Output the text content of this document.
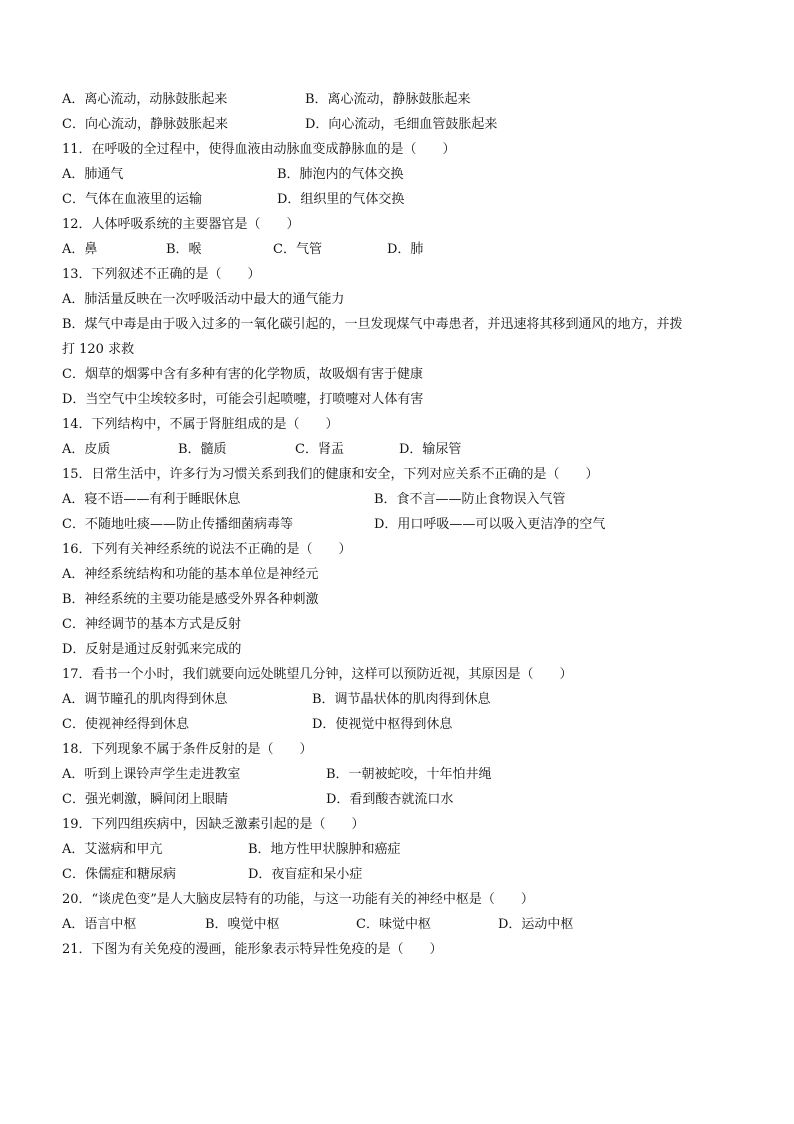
A．离心流动，动脉鼓胀起来	B．离心流动，静脉鼓胀起来
C．向心流动，静脉鼓胀起来	D．向心流动，毛细血管鼓胀起来
11．在呼吸的全过程中，使得血液由动脉血变成静脉血的是（　　）
A．肺通气	B．肺泡内的气体交换
C．气体在血液里的运输	D．组织里的气体交换
12．人体呼吸系统的主要器官是（　　）
A．鼻	B．喉	C．气管	D．肺
13．下列叙述不正确的是（　　）
A．肺活量反映在一次呼吸活动中最大的通气能力
B．煤气中毒是由于吸入过多的一氧化碳引起的，一旦发现煤气中毒患者，并迅速将其移到通风的地方，并拨
打 120 求救
C．烟草的烟雾中含有多种有害的化学物质，故吸烟有害于健康
D．当空气中尘埃较多时，可能会引起喷嚏，打喷嚏对人体有害
14．下列结构中，不属于肾脏组成的是（　　）
A．皮质	B．髓质	C．肾盂	D．输尿管
15．日常生活中，许多行为习惯关系到我们的健康和安全，下列对应关系不正确的是（　　）
A．寝不语——有利于睡眠休息	B．食不言——防止食物误入气管
C．不随地吐痰——防止传播细菌病毒等	D．用口呼吸——可以吸入更洁净的空气
16．下列有关神经系统的说法不正确的是（　　）
A．神经系统结构和功能的基本单位是神经元
B．神经系统的主要功能是感受外界各种刺激
C．神经调节的基本方式是反射
D．反射是通过反射弧来完成的
17．看书一个小时，我们就要向远处眺望几分钟，这样可以预防近视，其原因是（　　）
A．调节瞳孔的肌肉得到休息	B．调节晶状体的肌肉得到休息
C．使视神经得到休息	D．使视觉中枢得到休息
18．下列现象不属于条件反射的是（　　）
A．听到上课铃声学生走进教室	B．一朝被蛇咬，十年怕井绳
C．强光刺激，瞬间闭上眼睛	D．看到酸杏就流口水
19．下列四组疾病中，因缺乏激素引起的是（　　）
A．艾滋病和甲亢	B．地方性甲状腺肿和癌症
C．侏儒症和糖尿病	D．夜盲症和呆小症
20．“谈虎色变”是人大脑皮层特有的功能，与这一功能有关的神经中枢是（　　）
A．语言中枢	B．嗅觉中枢	C．味觉中枢	D．运动中枢
21．下图为有关免疫的漫画，能形象表示特异性免疫的是（　　）
